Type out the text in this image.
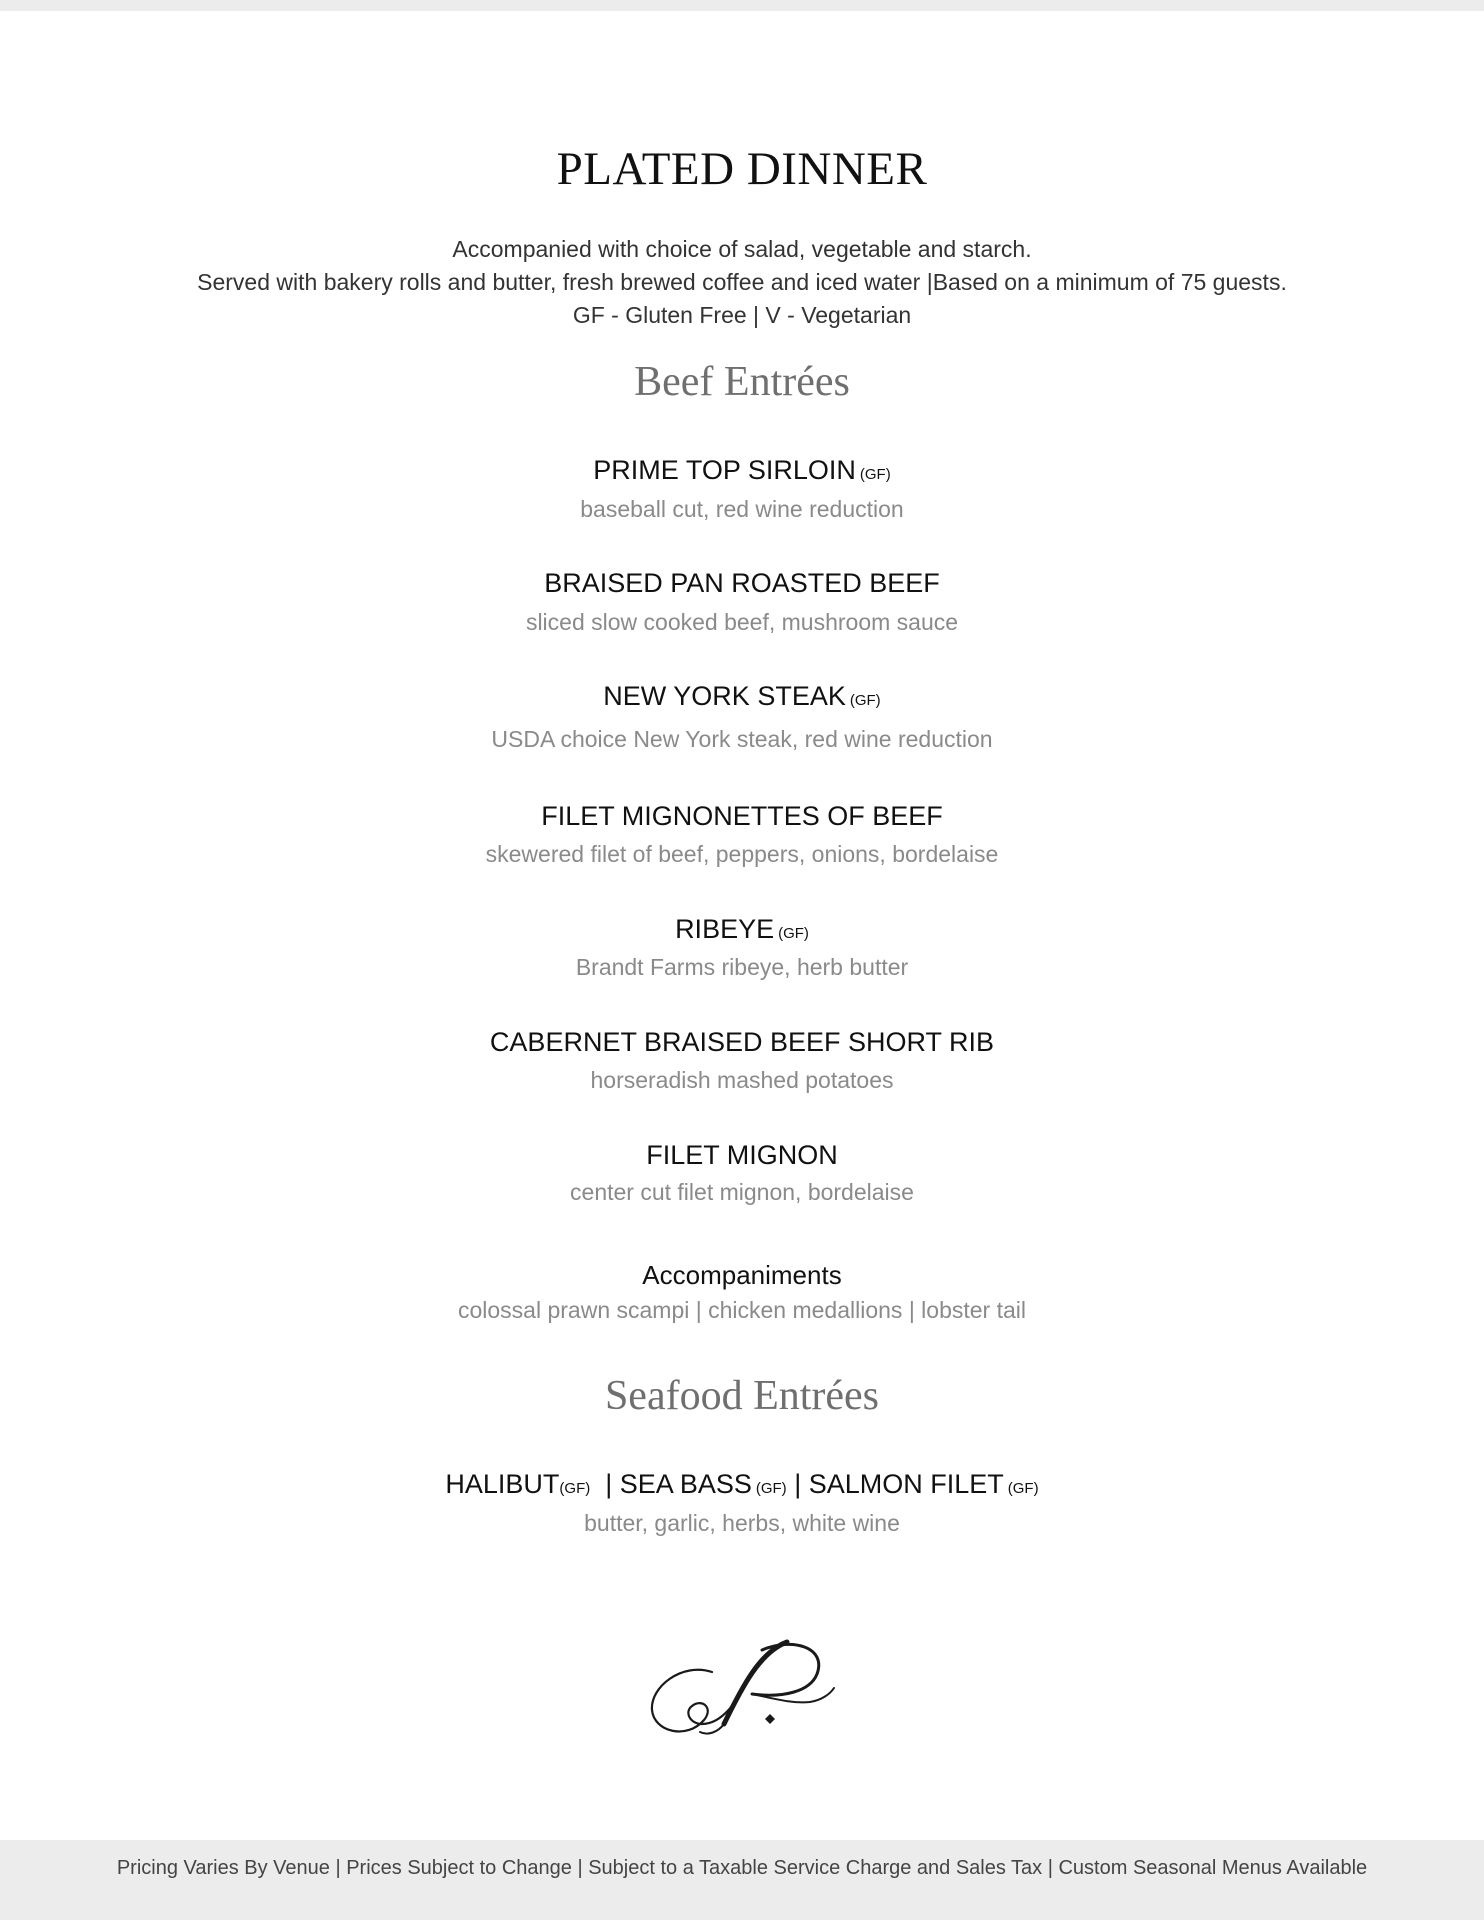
PLATED DINNER
Accompanied with choice of salad, vegetable and starch.
Served with bakery rolls and butter, fresh brewed coffee and iced water |Based on a minimum of 75 guests.
GF - Gluten Free | V - Vegetarian
Beef Entrées
PRIME TOP SIRLOIN (GF)
baseball cut, red wine reduction
BRAISED PAN ROASTED BEEF
sliced slow cooked beef, mushroom sauce
NEW YORK STEAK (GF)
USDA choice New York steak, red wine reduction
FILET MIGNONETTES OF BEEF
skewered filet of beef, peppers, onions, bordelaise
RIBEYE (GF)
Brandt Farms ribeye, herb butter
CABERNET BRAISED BEEF SHORT RIB
horseradish mashed potatoes
FILET MIGNON
center cut filet mignon, bordelaise
Accompaniments
colossal prawn scampi | chicken medallions | lobster tail
Seafood Entrées
HALIBUT(GF)  | SEA BASS (GF) | SALMON FILET (GF)
butter, garlic, herbs, white wine
Pricing Varies By Venue | Prices Subject to Change | Subject to a Taxable Service Charge and Sales Tax | Custom Seasonal Menus Available
